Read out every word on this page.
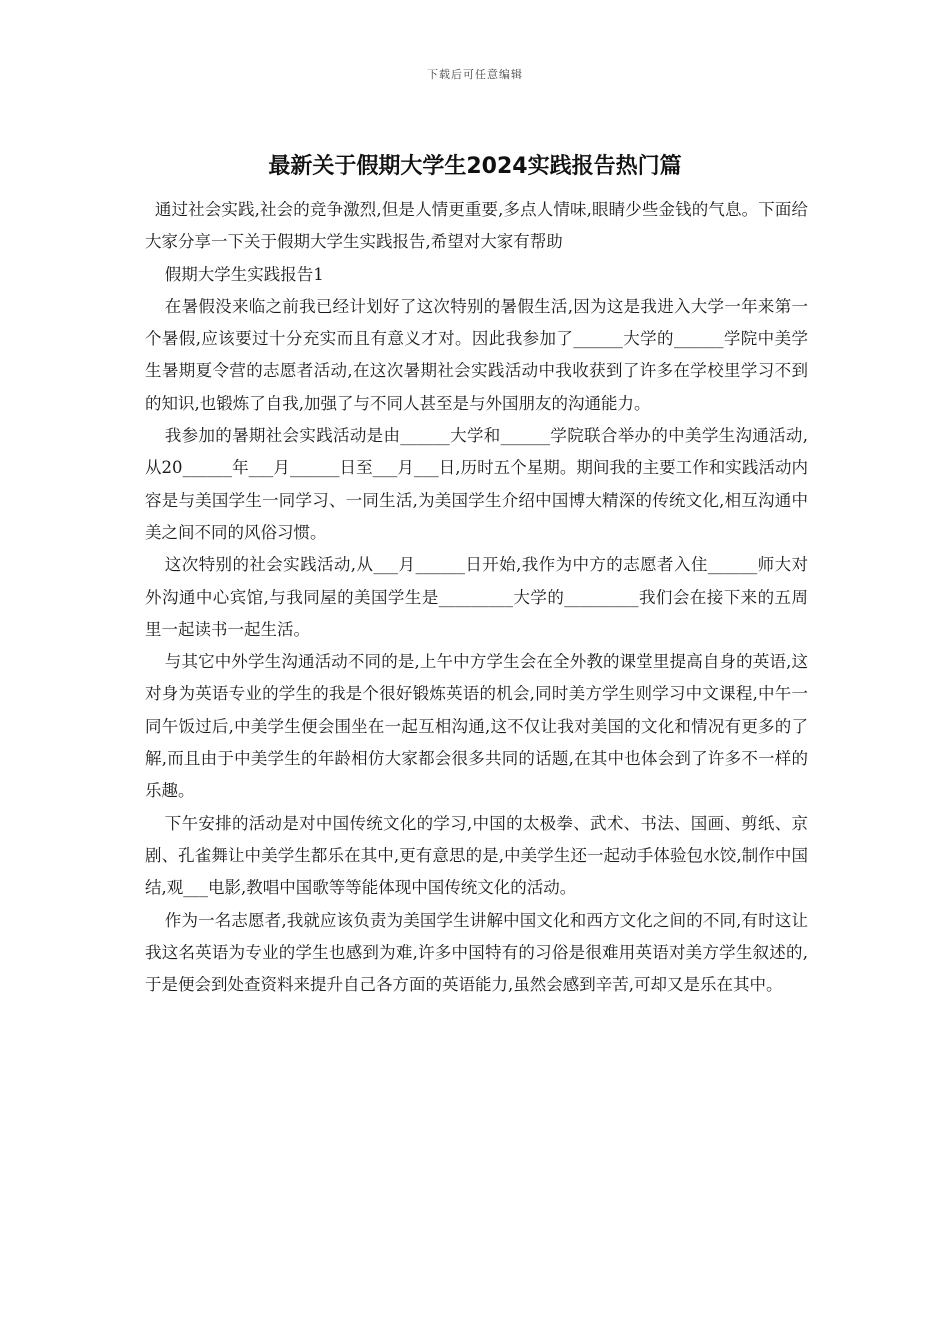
下载后可任意编辑
最新关于假期大学生2024实践报告热门篇

通过社会实践,社会的竞争激烈,但是人情更重要,多点人情味,眼睛少些金钱的气息。下面给大家分享一下关于假期大学生实践报告,希望对大家有帮助

假期大学生实践报告1

在暑假没来临之前我已经计划好了这次特别的暑假生活,因为这是我进入大学一年来第一个暑假,应该要过十分充实而且有意义才对。因此我参加了______大学的______学院中美学生暑期夏令营的志愿者活动,在这次暑期社会实践活动中我收获到了许多在学校里学习不到的知识,也锻炼了自我,加强了与不同人甚至是与外国朋友的沟通能力。

我参加的暑期社会实践活动是由______大学和______学院联合举办的中美学生沟通活动,从20______年___月______日至___月___日,历时五个星期。期间我的主要工作和实践活动内容是与美国学生一同学习、一同生活,为美国学生介绍中国博大精深的传统文化,相互沟通中美之间不同的风俗习惯。

这次特别的社会实践活动,从___月______日开始,我作为中方的志愿者入住______师大对外沟通中心宾馆,与我同屋的美国学生是_________大学的_________我们会在接下来的五周里一起读书一起生活。

与其它中外学生沟通活动不同的是,上午中方学生会在全外教的课堂里提高自身的英语,这对身为英语专业的学生的我是个很好锻炼英语的机会,同时美方学生则学习中文课程,中午一同午饭过后,中美学生便会围坐在一起互相沟通,这不仅让我对美国的文化和情况有更多的了解,而且由于中美学生的年龄相仿大家都会很多共同的话题,在其中也体会到了许多不一样的乐趣。

下午安排的活动是对中国传统文化的学习,中国的太极拳、武术、书法、国画、剪纸、京剧、孔雀舞让中美学生都乐在其中,更有意思的是,中美学生还一起动手体验包水饺,制作中国结,观___电影,教唱中国歌等等能体现中国传统文化的活动。

作为一名志愿者,我就应该负责为美国学生讲解中国文化和西方文化之间的不同,有时这让我这名英语为专业的学生也感到为难,许多中国特有的习俗是很难用英语对美方学生叙述的,于是便会到处查资料来提升自己各方面的英语能力,虽然会感到辛苦,可却又是乐在其中。
